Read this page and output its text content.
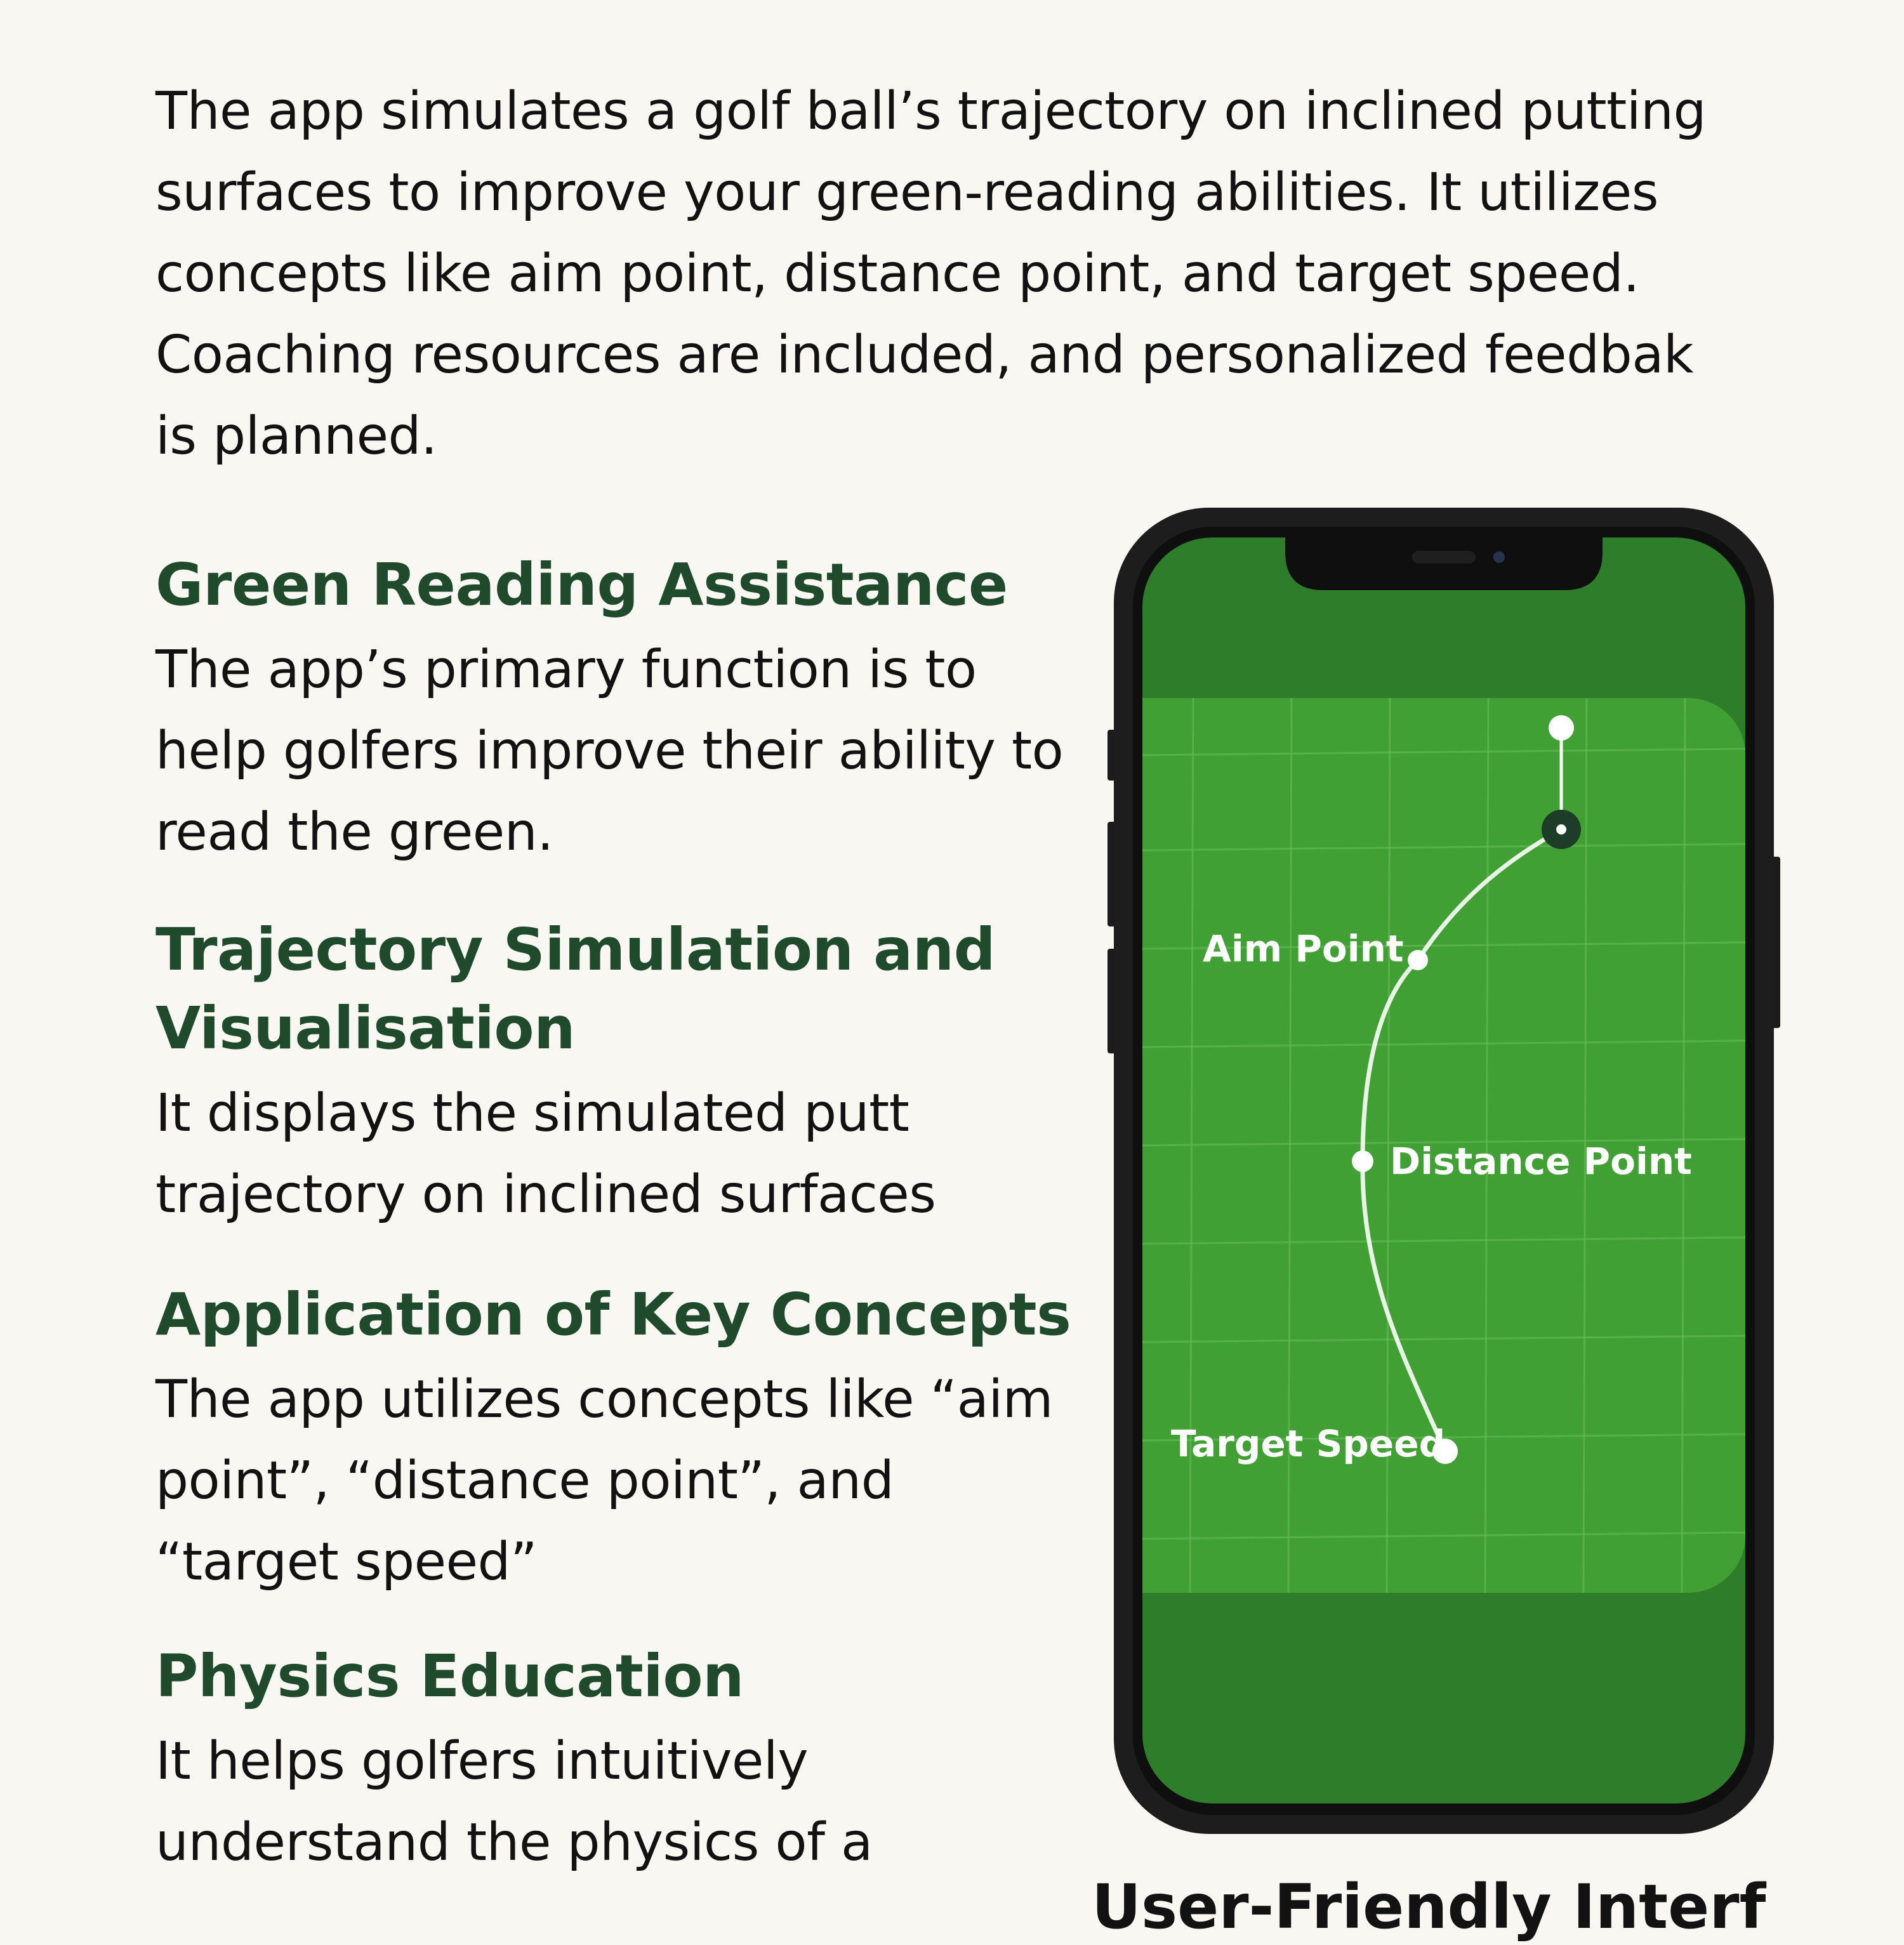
The app simulates a golf ball’s trajectory on inclined putting surfaces to improve your green-reading abilities. It utilizes concepts like aim point, distance point, and target speed. Coaching resources are included, and personalized feedbak is planned.

Green Reading Assistance

The app’s primary function is to help golfers improve their ability to read the green.

Trajectory Simulation and Visualisation

It displays the simulated putt trajectory on inclined surfaces

Application of Key Concepts

The app utilizes concepts like “aim point”, “distance point”, and “target speed”

Physics Education

It helps golfers intuitively understand the physics of a

Aim Point
Distance Point
Target Speed
User-Friendly Interf
